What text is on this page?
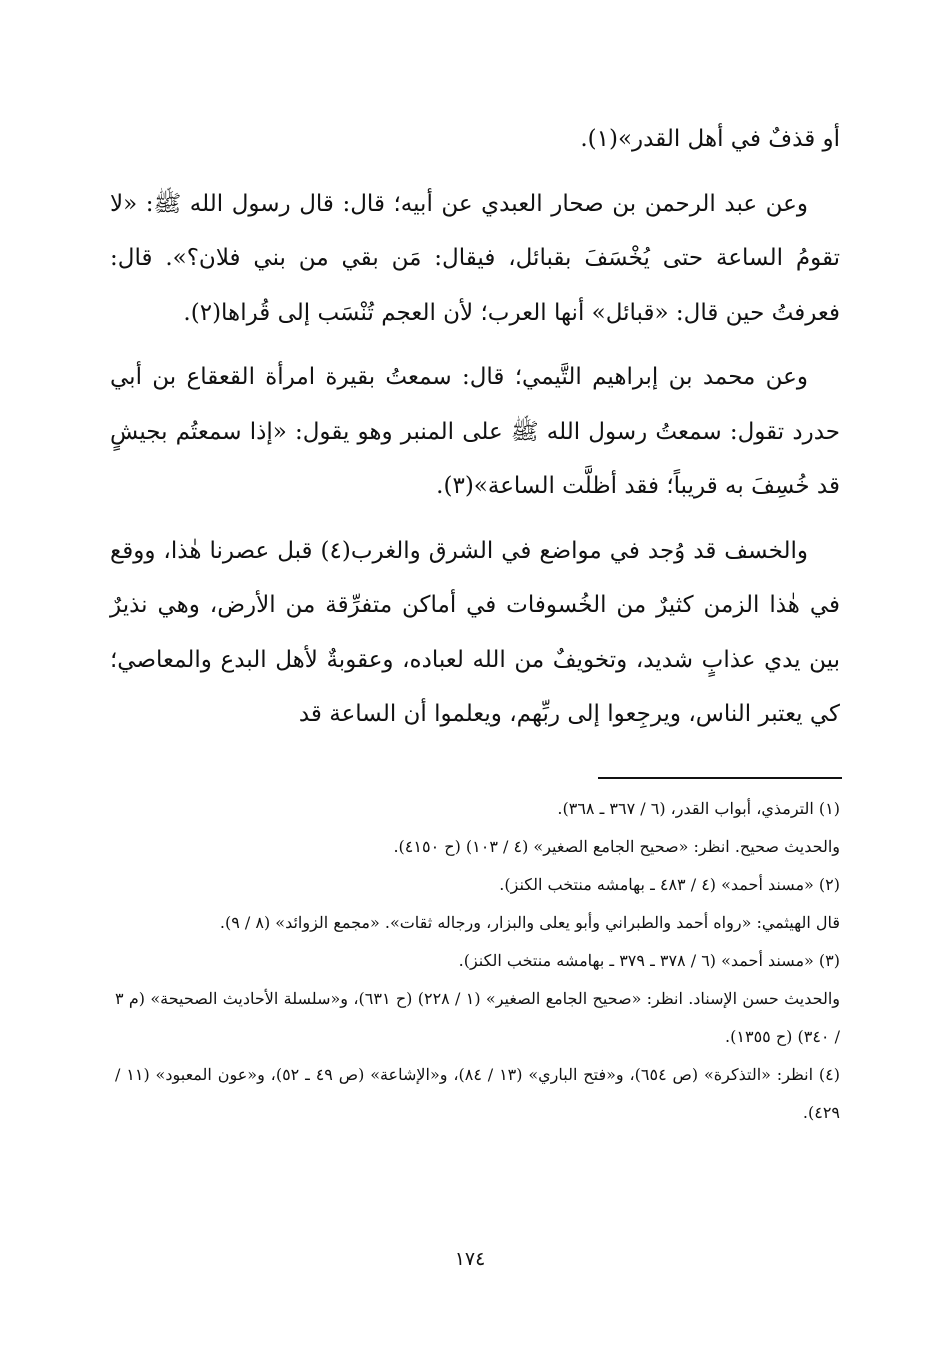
أو قذفٌ في أهل القدر»(١).

وعن عبد الرحمن بن صحار العبدي عن أبيه؛ قال: قال رسول الله ﷺ: «لا تقومُ الساعة حتى يُخْسَفَ بقبائل، فيقال: مَن بقي من بني فلان؟». قال: فعرفتُ حين قال: «قبائل» أنها العرب؛ لأن العجم تُنْسَب إلى قُراها(٢).

وعن محمد بن إبراهيم التَّيمي؛ قال: سمعتُ بقيرة امرأة القعقاع بن أبي حدرد تقول: سمعتُ رسول الله ﷺ على المنبر وهو يقول: «إذا سمعتُم بجيشٍ قد خُسِفَ به قريباً؛ فقد أظلَّت الساعة»(٣).

والخسف قد وُجد في مواضع في الشرق والغرب(٤) قبل عصرنا هٰذا، ووقع في هٰذا الزمن كثيرٌ من الخُسوفات في أماكن متفرِّقة من الأرض، وهي نذيرٌ بين يدي عذابٍ شديد، وتخويفٌ من الله لعباده، وعقوبةٌ لأهل البدع والمعاصي؛ كي يعتبر الناس، ويرجِعوا إلى ربِّهم، ويعلموا أن الساعة قد

(١) الترمذي، أبواب القدر، (٦ / ٣٦٧ ـ ٣٦٨).

والحديث صحيح. انظر: «صحيح الجامع الصغير» (٤ / ١٠٣) (ح ٤١٥٠).

(٢) «مسند أحمد» (٤ / ٤٨٣ ـ بهامشه منتخب الكنز).

قال الهيثمي: «رواه أحمد والطبراني وأبو يعلى والبزار، ورجاله ثقات». «مجمع الزوائد» (٨ / ٩).

(٣) «مسند أحمد» (٦ / ٣٧٨ ـ ٣٧٩ ـ بهامشه منتخب الكنز).

والحديث حسن الإسناد. انظر: «صحيح الجامع الصغير» (١ / ٢٢٨) (ح ٦٣١)، و«سلسلة الأحاديث الصحيحة» (م ٣ / ٣٤٠) (ح ١٣٥٥).

(٤) انظر: «التذكرة» (ص ٦٥٤)، و«فتح الباري» (١٣ / ٨٤)، و«الإشاعة» (ص ٤٩ ـ ٥٢)، و«عون المعبود» (١١ / ٤٢٩).

١٧٤
